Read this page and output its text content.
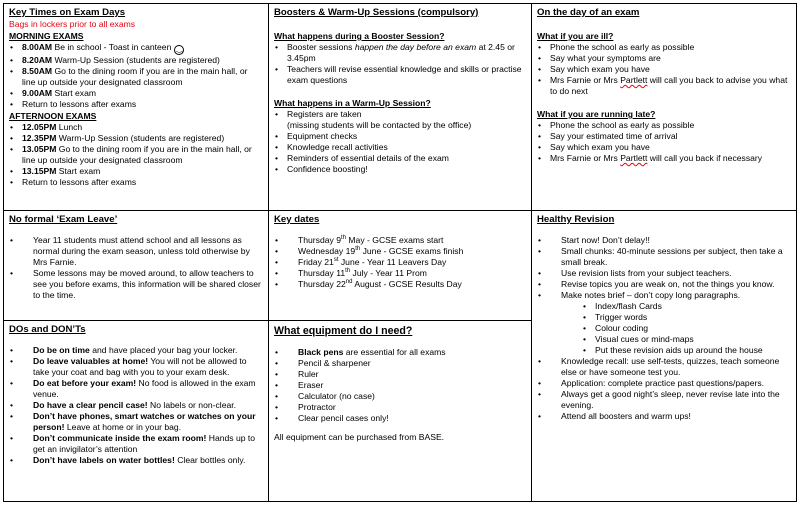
Key Times on Exam Days
Bags in lockers prior to all exams
MORNING EXAMS
• 8.00AM Be in school - Toast in canteen ‿
• 8.20AM Warm-Up Session (students are registered)
• 8.50AM Go to the dining room if you are in the main hall, or line up outside your designated classroom
• 9.00AM Start exam
• Return to lessons after exams
AFTERNOON EXAMS
• 12.05PM Lunch
• 12.35PM Warm-Up Session (students are registered)
• 13.05PM Go to the dining room if you are in the main hall, or line up outside your designated classroom
• 13.15PM Start exam
• Return to lessons after exams
Boosters & Warm-Up Sessions (compulsory)
What happens during a Booster Session?
• Booster sessions happen the day before an exam at 2.45 or 3.45pm
• Teachers will revise essential knowledge and skills or practise exam questions
What happens in a Warm-Up Session?
• Registers are taken
(missing students will be contacted by the office)
• Equipment checks
• Knowledge recall activities
• Reminders of essential details of the exam
• Confidence boosting!
On the day of an exam
What if you are ill?
• Phone the school as early as possible
• Say what your symptoms are
• Say which exam you have
• Mrs Farnie or Mrs Partlett will call you back to advise you what to do next
What if you are running late?
• Phone the school as early as possible
• Say your estimated time of arrival
• Say which exam you have
• Mrs Farnie or Mrs Partlett will call you back if necessary
No formal ‘Exam Leave’
• Year 11 students must attend school and all lessons as normal during the exam season, unless told otherwise by Mrs Farnie.
• Some lessons may be moved around, to allow teachers to see you before exams, this information will be shared closer to the time.
Key dates
• Thursday 9th May - GCSE exams start
• Wednesday 19th June - GCSE exams finish
• Friday 21st June - Year 11 Leavers Day
• Thursday 11th July - Year 11 Prom
• Thursday 22nd August - GCSE Results Day
Healthy Revision
• Start now! Don’t delay!!
• Small chunks: 40-minute sessions per subject, then take a small break.
• Use revision lists from your subject teachers.
• Revise topics you are weak on, not the things you know.
• Make notes brief – don’t copy long paragraphs.
• Index/flash Cards
• Trigger words
• Colour coding
• Visual cues or mind-maps
• Put these revision aids up around the house
• Knowledge recall: use self-tests, quizzes, teach someone else or have someone test you.
• Application: complete practice past questions/papers.
• Always get a good night’s sleep, never revise late into the evening.
• Attend all boosters and warm ups!
DOs and DON’Ts
• Do be on time and have placed your bag your locker.
• Do leave valuables at home! You will not be allowed to take your coat and bag with you to your exam desk.
• Do eat before your exam! No food is allowed in the exam venue.
• Do have a clear pencil case! No labels or non-clear.
• Don’t have phones, smart watches or watches on your person! Leave at home or in your bag.
• Don’t communicate inside the exam room! Hands up to get an invigilator’s attention
• Don’t have labels on water bottles! Clear bottles only.
What equipment do I need?
• Black pens are essential for all exams
• Pencil & sharpener
• Ruler
• Eraser
• Calculator (no case)
• Protractor
• Clear pencil cases only!

All equipment can be purchased from BASE.
